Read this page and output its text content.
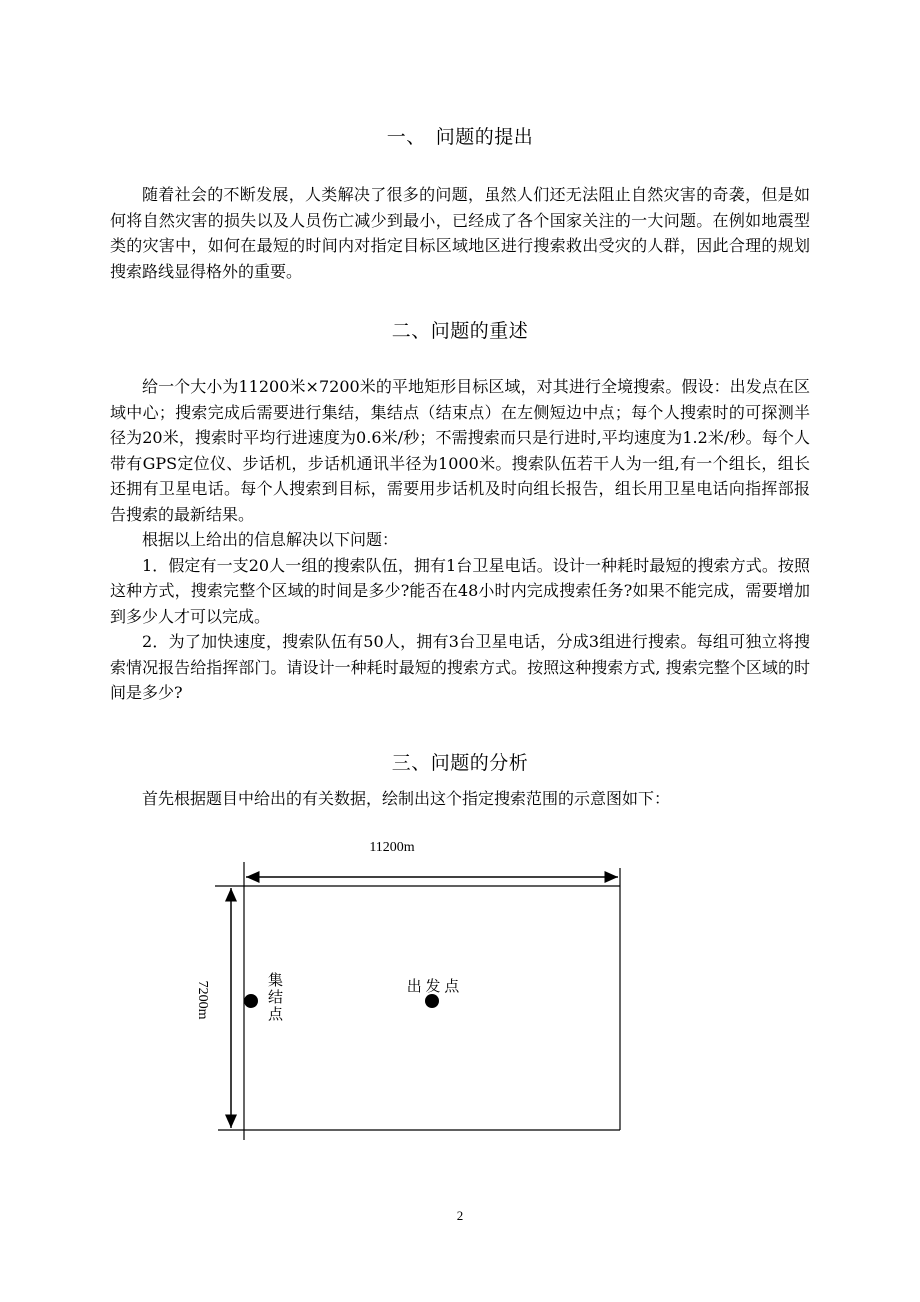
一、　问题的提出

随着社会的不断发展，人类解决了很多的问题，虽然人们还无法阻止自然灾害的奇袭，但是如何将自然灾害的损失以及人员伤亡减少到最小，已经成了各个国家关注的一大问题。在例如地震型类的灾害中，如何在最短的时间内对指定目标区域地区进行搜索救出受灾的人群，因此合理的规划搜索路线显得格外的重要。

二、问题的重述

给一个大小为11200米×7200米的平地矩形目标区域，对其进行全境搜索。假设：出发点在区域中心；搜索完成后需要进行集结，集结点（结束点）在左侧短边中点；每个人搜索时的可探测半径为20米，搜索时平均行进速度为0.6米/秒；不需搜索而只是行进时,平均速度为1.2米/秒。每个人带有GPS定位仪、步话机，步话机通讯半径为1000米。搜索队伍若干人为一组,有一个组长，组长还拥有卫星电话。每个人搜索到目标，需要用步话机及时向组长报告，组长用卫星电话向指挥部报告搜索的最新结果。

根据以上给出的信息解决以下问题：

1．假定有一支20人一组的搜索队伍，拥有1台卫星电话。设计一种耗时最短的搜索方式。按照这种方式，搜索完整个区域的时间是多少?能否在48小时内完成搜索任务?如果不能完成，需要增加到多少人才可以完成。

2．为了加快速度，搜索队伍有50人，拥有3台卫星电话，分成3组进行搜索。每组可独立将搜索情况报告给指挥部门。请设计一种耗时最短的搜索方式。按照这种搜索方式, 搜索完整个区域的时间是多少?

三、问题的分析
首先根据题目中给出的有关数据，绘制出这个指定搜索范围的示意图如下：
11200m
7200m	出 发 点
集结点
2
